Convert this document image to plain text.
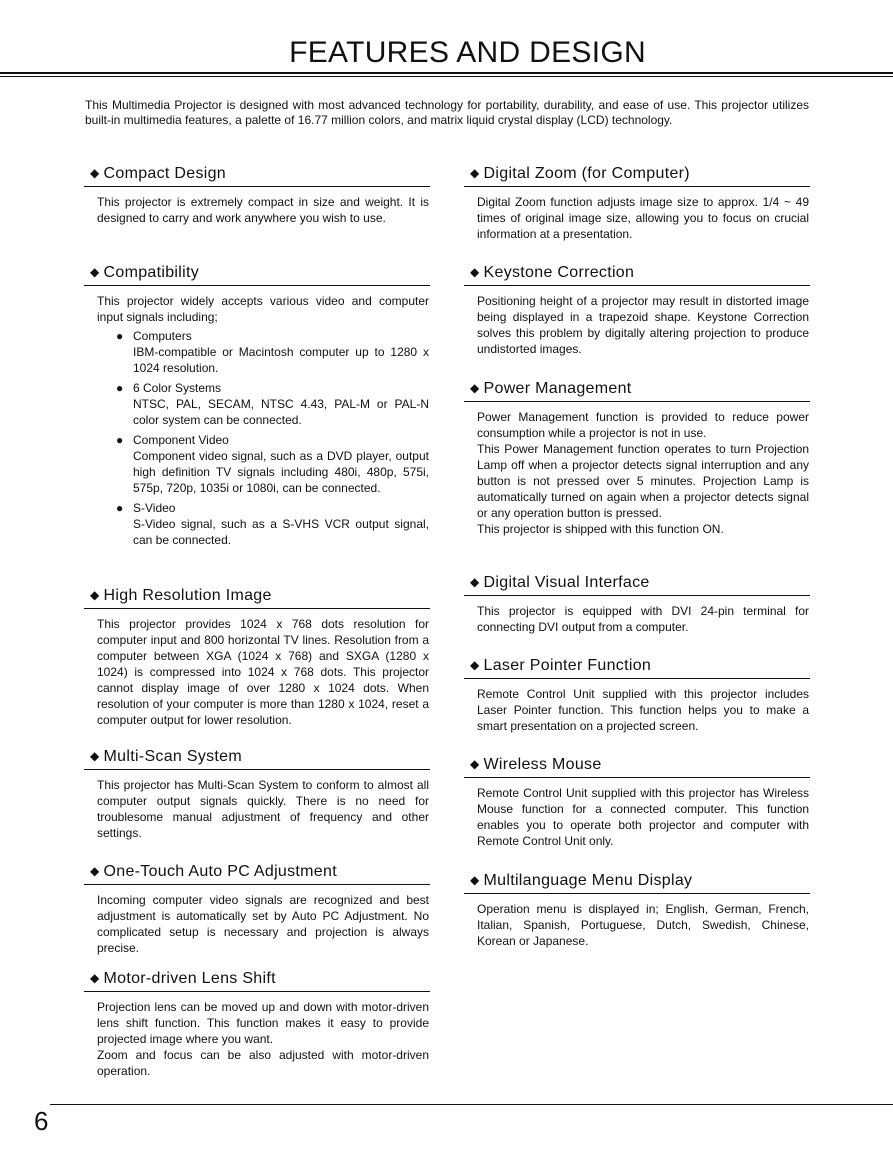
FEATURES AND DESIGN

This Multimedia Projector is designed with most advanced technology for portability, durability, and ease of use. This projector utilizes built-in multimedia features, a palette of 16.77 million colors, and matrix liquid crystal display (LCD) technology.

◆ Compact Design

This projector is extremely compact in size and weight. It is designed to carry and work anywhere you wish to use.

◆ Compatibility

This projector widely accepts various video and computer input signals including;

● Computers
IBM-compatible or Macintosh computer up to 1280 x 1024 resolution.
● 6 Color Systems
NTSC, PAL, SECAM, NTSC 4.43, PAL-M or PAL-N color system can be connected.
● Component Video
Component video signal, such as a DVD player, output high definition TV signals including 480i, 480p, 575i, 575p, 720p, 1035i or 1080i, can be connected.
● S-Video
S-Video signal, such as a S-VHS VCR output signal, can be connected.
◆ High Resolution Image

This projector provides 1024 x 768 dots resolution for computer input and 800 horizontal TV lines. Resolution from a computer between XGA (1024 x 768) and SXGA (1280 x 1024) is compressed into 1024 x 768 dots. This projector cannot display image of over 1280 x 1024 dots. When resolution of your computer is more than 1280 x 1024, reset a computer output for lower resolution.

◆ Multi-Scan System

This projector has Multi-Scan System to conform to almost all computer output signals quickly. There is no need for troublesome manual adjustment of frequency and other settings.

◆ One-Touch Auto PC Adjustment

Incoming computer video signals are recognized and best adjustment is automatically set by Auto PC Adjustment. No complicated setup is necessary and projection is always precise.

◆ Motor-driven Lens Shift

Projection lens can be moved up and down with motor-driven lens shift function. This function makes it easy to provide projected image where you want.

Zoom and focus can be also adjusted with motor-driven operation.

◆ Digital Zoom (for Computer)

Digital Zoom function adjusts image size to approx. 1/4 ~ 49 times of original image size, allowing you to focus on crucial information at a presentation.

◆ Keystone Correction

Positioning height of a projector may result in distorted image being displayed in a trapezoid shape. Keystone Correction solves this problem by digitally altering projection to produce undistorted images.

◆ Power Management

Power Management function is provided to reduce power consumption while a projector is not in use.

This Power Management function operates to turn Projection Lamp off when a projector detects signal interruption and any button is not pressed over 5 minutes. Projection Lamp is automatically turned on again when a projector detects signal or any operation button is pressed.

This projector is shipped with this function ON.

◆ Digital Visual Interface

This projector is equipped with DVI 24-pin terminal for connecting DVI output from a computer.

◆ Laser Pointer Function

Remote Control Unit supplied with this projector includes Laser Pointer function. This function helps you to make a smart presentation on a projected screen.

◆ Wireless Mouse

Remote Control Unit supplied with this projector has Wireless Mouse function for a connected computer. This function enables you to operate both projector and computer with Remote Control Unit only.

◆ Multilanguage Menu Display

Operation menu is displayed in; English, German, French, Italian, Spanish, Portuguese, Dutch, Swedish, Chinese, Korean or Japanese.

6
